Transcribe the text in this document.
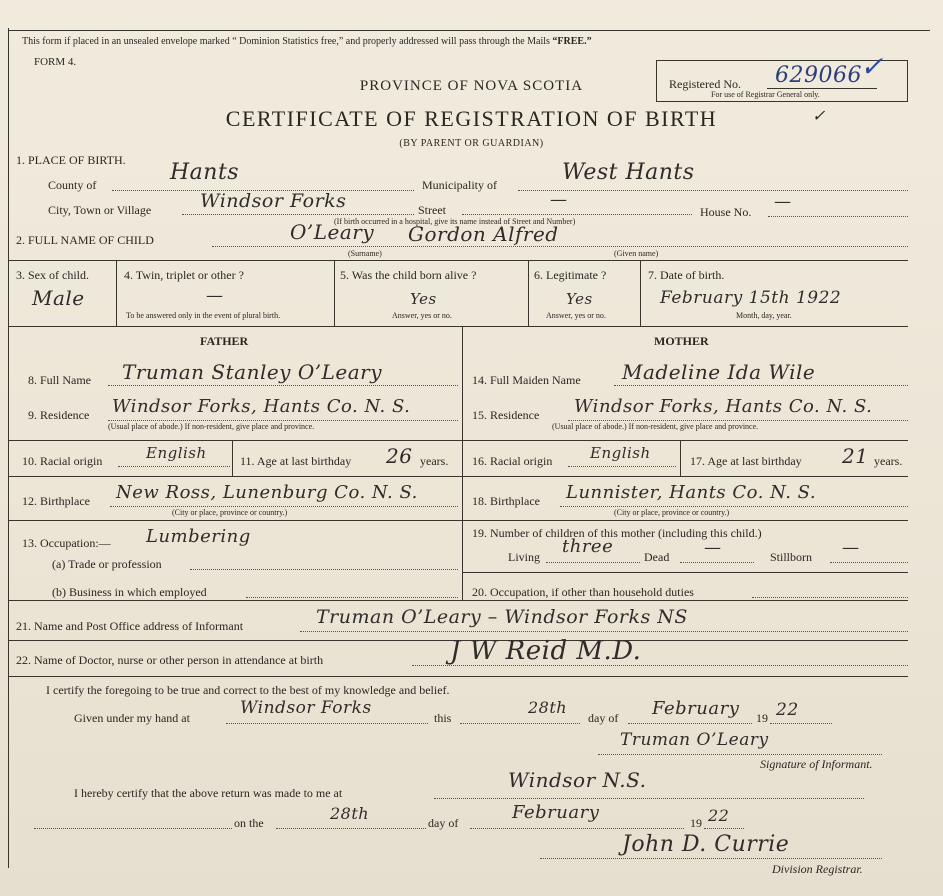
This form if placed in an unsealed envelope marked “ Dominion Statistics free,” and properly addressed will pass through the Mails “FREE.”
FORM 4.
PROVINCE OF NOVA SCOTIA
CERTIFICATE OF REGISTRATION OF BIRTH
(BY PARENT OR GUARDIAN)
✓
Registered No. 629066
For use of Registrar General only.
✓
1. PLACE OF BIRTH.
County of	Hants	Municipality of	West Hants
City, Town or Village	Windsor Forks	Street	—
House No. —
(If birth occurred in a hospital, give its name instead of Street and Number)
2. FULL NAME OF CHILD	O’Leary Gordon Alfred
(Surname)	(Given name)
3. Sex of child.
Male
4. Twin, triplet or other ?
—
To be answered only in the event of plural birth.
5. Was the child born alive ?
Yes
Answer, yes or no.
6. Legitimate ?
Yes
Answer, yes or no.
7. Date of birth.
February 15th 1922
Month, day, year.
FATHER	MOTHER
8. Full Name Truman Stanley O’Leary
9. Residence Windsor Forks, Hants Co. N. S.
(Usual place of abode.) If non-resident, give place and province.
10. Racial origin	English	11. Age at last birthday 26 years.
12. Birthplace New Ross, Lunenburg Co. N. S.
(City or place, province or country.)
13. Occupation:— Lumbering
(a) Trade or profession
(b) Business in which employed
14. Full Maiden Name Madeline Ida Wile
15. Residence Windsor Forks, Hants Co. N. S.
(Usual place of abode.) If non-resident, give place and province.
16. Racial origin	English	17. Age at last birthday 21 years.
18. Birthplace Lunnister, Hants Co. N. S.
(City or place, province or country.)
19. Number of children of this mother (including this child.)
Living three	Dead —	Stillborn —
20. Occupation, if other than household duties
21. Name and Post Office address of Informant	Truman O’Leary – Windsor Forks NS
22. Name of Doctor, nurse or other person in attendance at birth	J W Reid M.D.
I certify the foregoing to be true and correct to the best of my knowledge and belief.
Given under my hand at	Windsor Forks	this
28th
day of February 19 22
Truman O’Leary
Signature of Informant.
I hereby certify that the above return was made to me at
Windsor N.S.
on the	28th	day of	February	19 22
John D. Currie
Division Registrar.
